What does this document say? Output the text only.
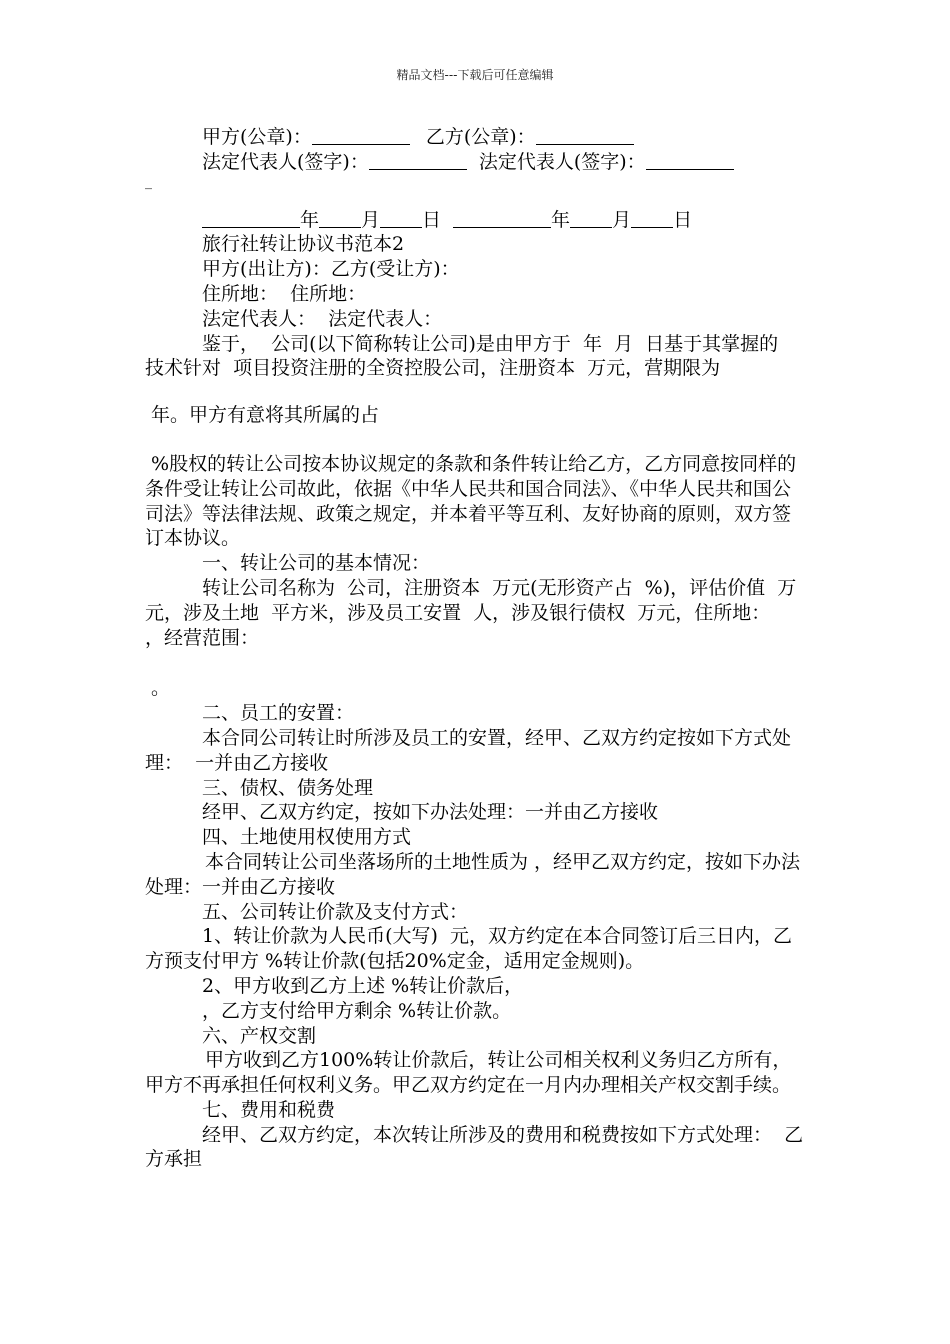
精品文档---下载后可任意编辑

甲方(公章)：	乙方(公章)：

法定代表人(签字)：	法定代表人(签字)：

_

年 月 日	年 月 日

旅行社转让协议书范本2

甲方(出让方)：乙方(受让方)：

住所地：  住所地：

法定代表人：  法定代表人：

鉴于，  公司(以下简称转让公司)是由甲方于  年  月  日基于其掌握的  技术针对  项目投资注册的全资控股公司，注册资本  万元，营期限为

年。甲方有意将其所属的占

%股权的转让公司按本协议规定的条款和条件转让给乙方，乙方同意按同样的条件受让转让公司故此，依据《中华人民共和国合同法》、《中华人民共和国公司法》等法律法规、政策之规定，并本着平等互利、友好协商的原则，双方签订本协议。

一、转让公司的基本情况：

转让公司名称为  公司，注册资本  万元(无形资产占  %)，评估价值  万元，涉及土地  平方米，涉及员工安置  人，涉及银行债权  万元，住所地：   ，经营范围：

。

二、员工的安置：

本合同公司转让时所涉及员工的安置，经甲、乙双方约定按如下方式处理：  一并由乙方接收

三、债权、债务处理

经甲、乙双方约定，按如下办法处理：一并由乙方接收

四、土地使用权使用方式

本合同转让公司坐落场所的土地性质为 ，经甲乙双方约定，按如下办法处理：一并由乙方接收

五、公司转让价款及支付方式：

1、转让价款为人民币(大写)  元，双方约定在本合同签订后三日内，乙方预支付甲方 %转让价款(包括20%定金，适用定金规则)。

2、甲方收到乙方上述 %转让价款后，

，乙方支付给甲方剩余 %转让价款。

六、产权交割

甲方收到乙方100%转让价款后，转让公司相关权利义务归乙方所有，甲方不再承担任何权利义务。甲乙双方约定在一月内办理相关产权交割手续。

七、费用和税费

经甲、乙双方约定，本次转让所涉及的费用和税费按如下方式处理：  乙方承担
